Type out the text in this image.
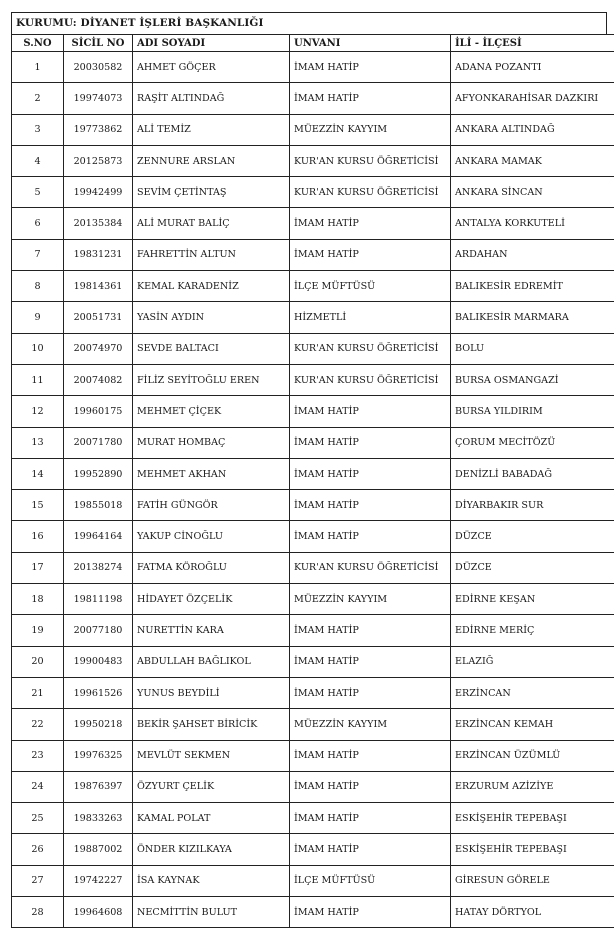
KURUMU: DİYANET İŞLERİ BAŞKANLIĞI
S.NO	SİCİL NO	ADI SOYADI	UNVANI	İLİ - İLÇESİ
1	20030582	AHMET GÖÇER	İMAM HATİP	ADANA POZANTI
2	19974073	RAŞİT ALTINDAĞ	İMAM HATİP	AFYONKARAHİSAR DAZKIRI
3	19773862	ALİ TEMİZ	MÜEZZİN KAYYIM	ANKARA ALTINDAĞ
4	20125873	ZENNURE ARSLAN	KUR'AN KURSU ÖĞRETİCİSİ	ANKARA MAMAK
5	19942499	SEVİM ÇETİNTAŞ	KUR'AN KURSU ÖĞRETİCİSİ	ANKARA SİNCAN
6	20135384	ALİ MURAT BALİÇ	İMAM HATİP	ANTALYA KORKUTELİ
7	19831231	FAHRETTİN ALTUN	İMAM HATİP	ARDAHAN
8	19814361	KEMAL KARADENİZ	İLÇE MÜFTÜSÜ	BALIKESİR EDREMİT
9	20051731	YASİN AYDIN	HİZMETLİ	BALIKESİR MARMARA
10	20074970	SEVDE BALTACI	KUR'AN KURSU ÖĞRETİCİSİ	BOLU
11	20074082	FİLİZ SEYİTOĞLU EREN	KUR'AN KURSU ÖĞRETİCİSİ	BURSA OSMANGAZİ
12	19960175	MEHMET ÇİÇEK	İMAM HATİP	BURSA YILDIRIM
13	20071780	MURAT HOMBAÇ	İMAM HATİP	ÇORUM MECİTÖZÜ
14	19952890	MEHMET AKHAN	İMAM HATİP	DENİZLİ BABADAĞ
15	19855018	FATİH GÜNGÖR	İMAM HATİP	DİYARBAKIR SUR
16	19964164	YAKUP CİNOĞLU	İMAM HATİP	DÜZCE
17	20138274	FATMA KÖROĞLU	KUR'AN KURSU ÖĞRETİCİSİ	DÜZCE
18	19811198	HİDAYET ÖZÇELİK	MÜEZZİN KAYYIM	EDİRNE KEŞAN
19	20077180	NURETTİN KARA	İMAM HATİP	EDİRNE MERİÇ
20	19900483	ABDULLAH BAĞLIKOL	İMAM HATİP	ELAZIĞ
21	19961526	YUNUS BEYDİLİ	İMAM HATİP	ERZİNCAN
22	19950218	BEKİR ŞAHSET BİRİCİK	MÜEZZİN KAYYIM	ERZİNCAN KEMAH
23	19976325	MEVLÜT SEKMEN	İMAM HATİP	ERZİNCAN ÜZÜMLÜ
24	19876397	ÖZYURT ÇELİK	İMAM HATİP	ERZURUM AZİZİYE
25	19833263	KAMAL POLAT	İMAM HATİP	ESKİŞEHİR TEPEBAŞI
26	19887002	ÖNDER KIZILKAYA	İMAM HATİP	ESKİŞEHİR TEPEBAŞI
27	19742227	İSA KAYNAK	İLÇE MÜFTÜSÜ	GİRESUN GÖRELE
28	19964608	NECMİTTİN BULUT	İMAM HATİP	HATAY DÖRTYOL
